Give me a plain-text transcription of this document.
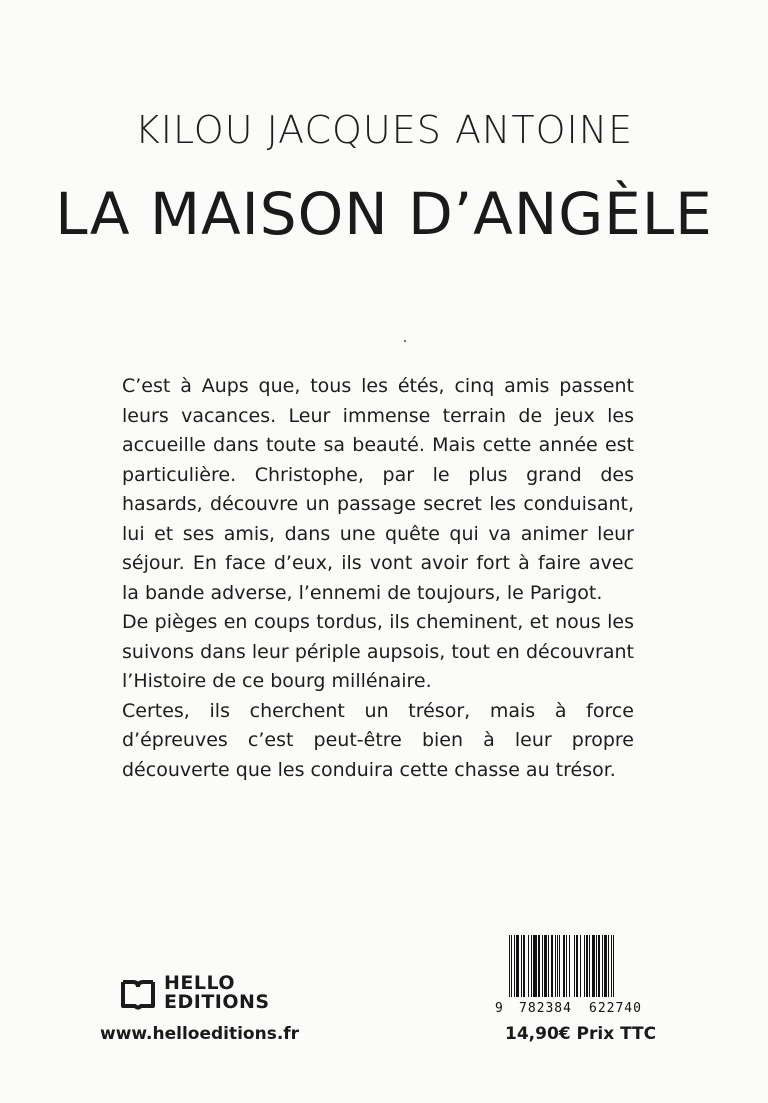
KILOU JACQUES ANTOINE
LA MAISON D’ANGÈLE

C’est à Aups que, tous les étés, cinq amis passent leurs vacances. Leur immense terrain de jeux les accueille dans toute sa beauté. Mais cette année est particulière. Christophe, par le plus grand des hasards, découvre un passage secret les conduisant, lui et ses amis, dans une quête qui va animer leur séjour. En face d’eux, ils vont avoir fort à faire avec la bande adverse, l’ennemi de toujours, le Parigot.

De pièges en coups tordus, ils cheminent, et nous les suivons dans leur périple aupsois, tout en découvrant l’Histoire de ce bourg millénaire.

Certes, ils cherchent un trésor, mais à force d’épreuves c’est peut-être bien à leur propre découverte que les conduira cette chasse au trésor.

HELLO
EDITIONS
www.helloeditions.fr
9 782384 622740
14,90€ Prix TTC
